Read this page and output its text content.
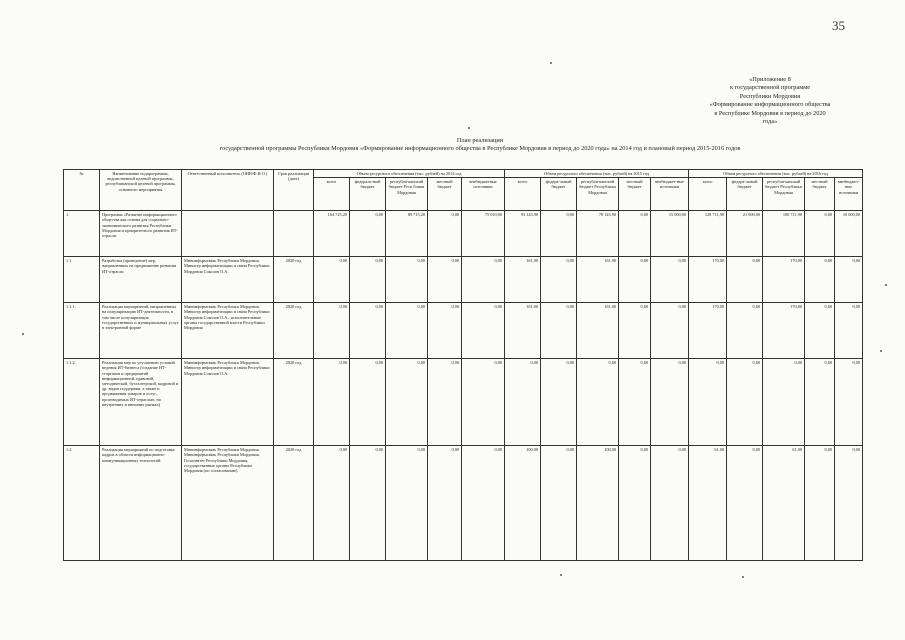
35
«Приложение 8
к государственной программе
Республики Мордовия
«Формирование информационного общества
в Республике Мордовия в период до 2020
года»
План реализации
государственной программы Республики Мордовия «Формирование информационного общества в Республике Мордовия в период до 2020 года» на 2014 год и плановый период 2015-2016 годов
№	Наименование подпрограммы, ведомственной целевой программы, республиканской целевой программы, основного мероприятия	Ответственный исполнитель (ОИВ/Ф.И.О.)	Срок реализации (дата)	Объем ресурсного обеспечения (тыс. рублей) на 2014 год					Объем ресурсного обеспечения (тыс. рублей) на 2015 год					Объем ресурсного обеспечения (тыс. рублей) на 2016 год				
				всего	федераль-ный бюджет	республи-канский бюджет Респ.блики Мордовия	местный бюджет	внебюджетные источники	всего	федера-льный бюджет	республи-канский бюджет Республики Мордовия	местный бюджет	внебюджет-ные источники	всего	федера-льный бюджет	республи-канский бюджет Республики Мордовия	местный бюджет	внебюджет-ные источники
1.	Программа «Развитие информационного общества как основа для социально-экономического развития Республики Мордовия и приоритетного развития ИТ-отрасли			164 725,20	0,00	89 715,20	0,00	75 010,00	93 143,90	0,00	78 143,90	0,00	15 000,00	128 711,90	21 000,00	100 711,90	0,00	10 000,00
1.1.	Разработка (проведение) мер, направленных на продвижение развития ИТ-отрасли	Мининформсвязь Республики Мордовия, Министр информатизации и связи Республики Мордовия Соколов О.А.	2020 год	0,00	0,00	0,00	0,00	0,00	161,90	0,00	161,90	0,00	0,00	170,00	0,00	170,00	0,00	0,00
1.1.1.	Реализация мероприятий, направленных на популяризацию ИТ-деятельности, в том числе популяризация государственных и муниципальных услуг в электронной форме	Мининформсвязь Республики Мордовия, Министр информатизации и связи Республики Мордовия Соколов О.А.; исполнительные органы государственной власти Республики Мордовия	2020 год	0,00	0,00	0,00	0,00	0,00	161,00	0,00	161,00	0,00	0,00	170,00	0,00	170,00	0,00	0,00
1.1.2.	Реализация мер по улучшению условий ведения ИТ-бизнеса (создание ИТ-стартапов и предприятий информационной, правовой, методической, бухгалтерской, кадровой и др. видов поддержки, а также и продвижения товаров и услуг, производимых ИТ-отраслью, на внутренних и внешних рынках)	Мининформсвязь Республики Мордовия, Министр информатизации и связи Республики Мордовия Соколов О.А.	2020 год	0,00	0,00	0,00	0,00	0,00	0,00	0,00	0,00	0,00	0,00	0,00	0,00	0,00	0,00	0,00
1.2.	Реализация мероприятий по подготовке кадров в области информационно-коммуникационных технологий	Мининформсвязь Республики Мордовия, Мининформсвязь Республики Мордовия, Госкомитет Республики Мордовия, государственные органы Республики Мордовия (по согласованию)	2020 год	0,00	0,00	0,00	0,00	0,00	100,00	0,00	100,00	0,00	0,00	61,00	0,00	61,00	0,00	0,00
